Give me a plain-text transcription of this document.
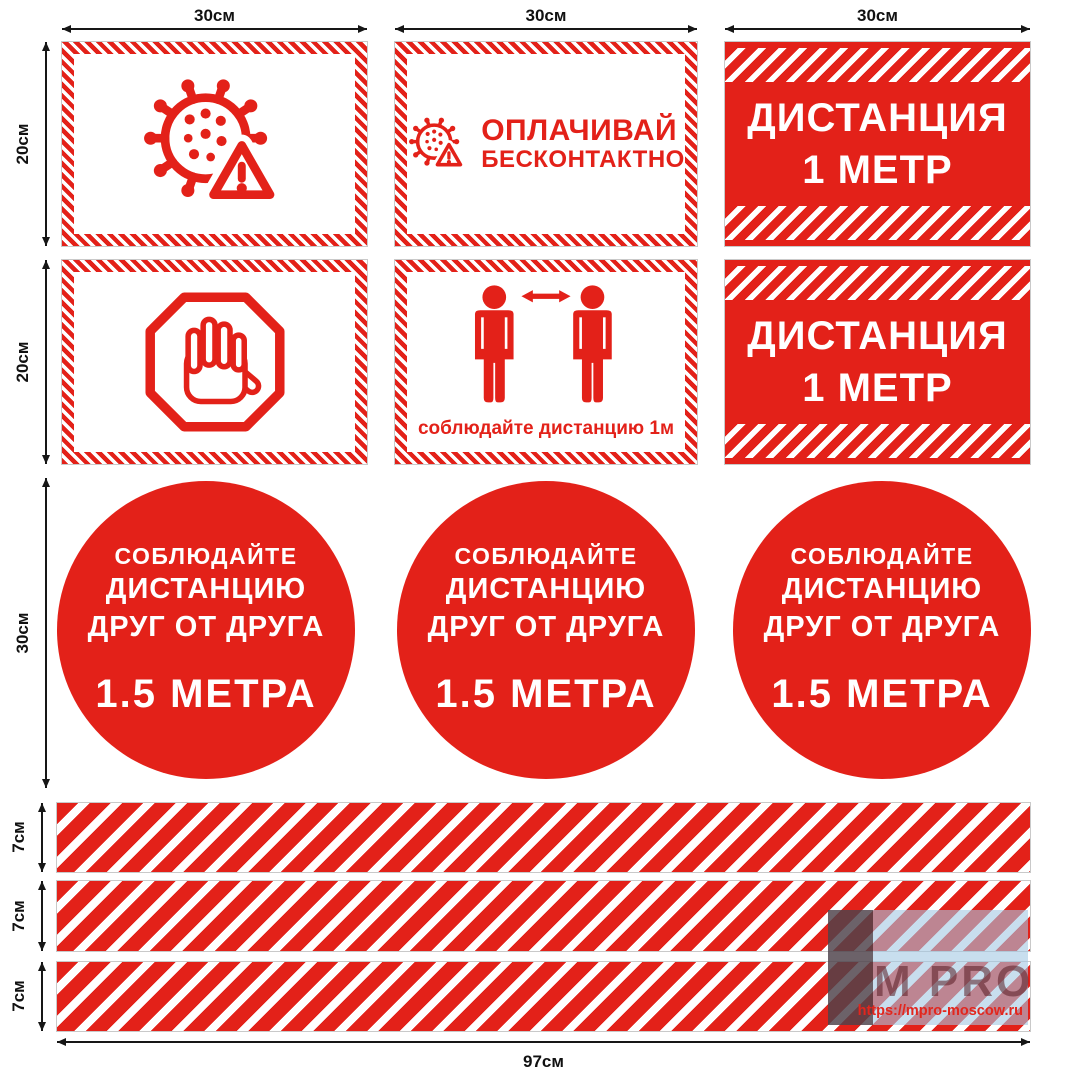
30см	30см	30см
20см
20см
30см
7см
7см
7см
ОПЛАЧИВАЙ
БЕСКОНТАКТНО
ДИСТАНЦИЯ
1 МЕТР
соблюдайте дистанцию 1м
ДИСТАНЦИЯ
1 МЕТР
СОБЛЮДАЙТЕ
ДИСТАНЦИЮ
ДРУГ ОТ ДРУГА
1.5 МЕТРА
СОБЛЮДАЙТЕ
ДИСТАНЦИЮ
ДРУГ ОТ ДРУГА
1.5 МЕТРА
СОБЛЮДАЙТЕ
ДИСТАНЦИЮ
ДРУГ ОТ ДРУГА
1.5 МЕТРА
97см
M PRO
https://mpro-moscow.ru
